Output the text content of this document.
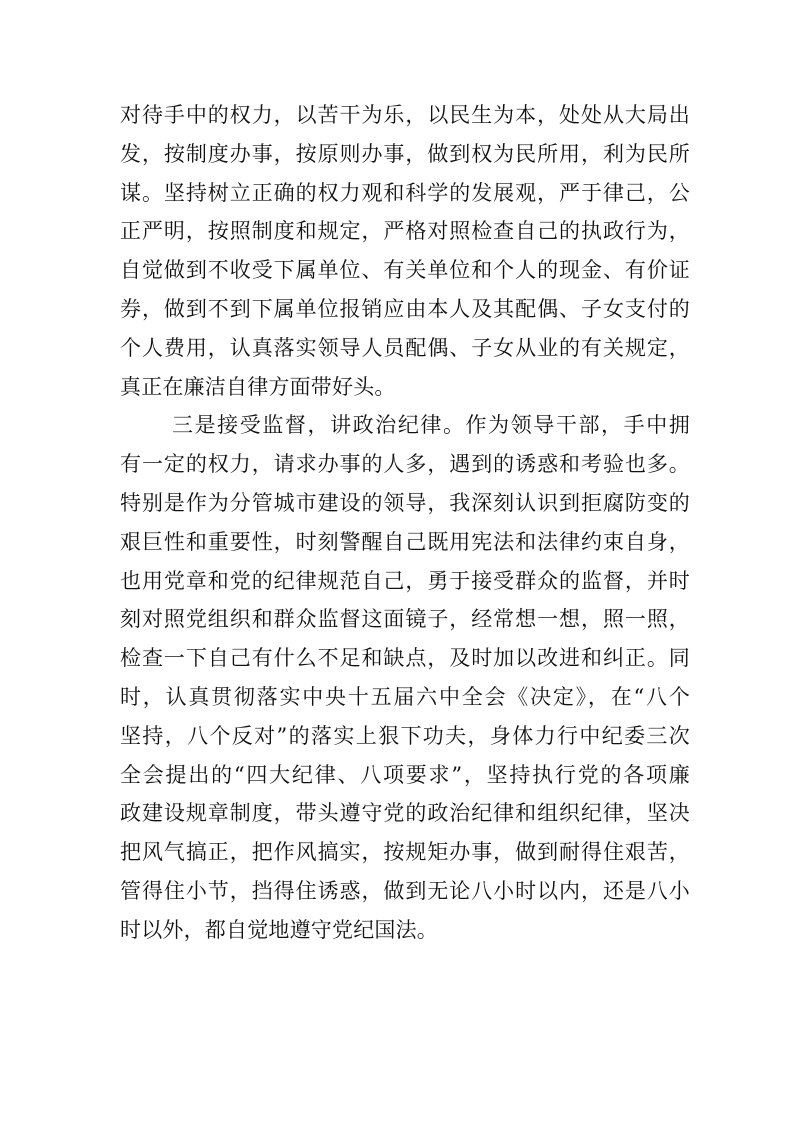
对待手中的权力，以苦干为乐，以民生为本，处处从大局出
发，按制度办事，按原则办事，做到权为民所用，利为民所
谋。坚持树立正确的权力观和科学的发展观，严于律己，公
正严明，按照制度和规定，严格对照检查自己的执政行为，
自觉做到不收受下属单位、有关单位和个人的现金、有价证
券，做到不到下属单位报销应由本人及其配偶、子女支付的
个人费用，认真落实领导人员配偶、子女从业的有关规定，
真正在廉洁自律方面带好头。
三是接受监督，讲政治纪律。作为领导干部，手中拥
有一定的权力，请求办事的人多，遇到的诱惑和考验也多。
特别是作为分管城市建设的领导，我深刻认识到拒腐防变的
艰巨性和重要性，时刻警醒自己既用宪法和法律约束自身，
也用党章和党的纪律规范自己，勇于接受群众的监督，并时
刻对照党组织和群众监督这面镜子，经常想一想，照一照，
检查一下自己有什么不足和缺点，及时加以改进和纠正。同
时，认真贯彻落实中央十五届六中全会《决定》，在“八个
坚持，八个反对”的落实上狠下功夫，身体力行中纪委三次
全会提出的“四大纪律、八项要求”，坚持执行党的各项廉
政建设规章制度，带头遵守党的政治纪律和组织纪律，坚决
把风气搞正，把作风搞实，按规矩办事，做到耐得住艰苦，
管得住小节，挡得住诱惑，做到无论八小时以内，还是八小
时以外，都自觉地遵守党纪国法。
